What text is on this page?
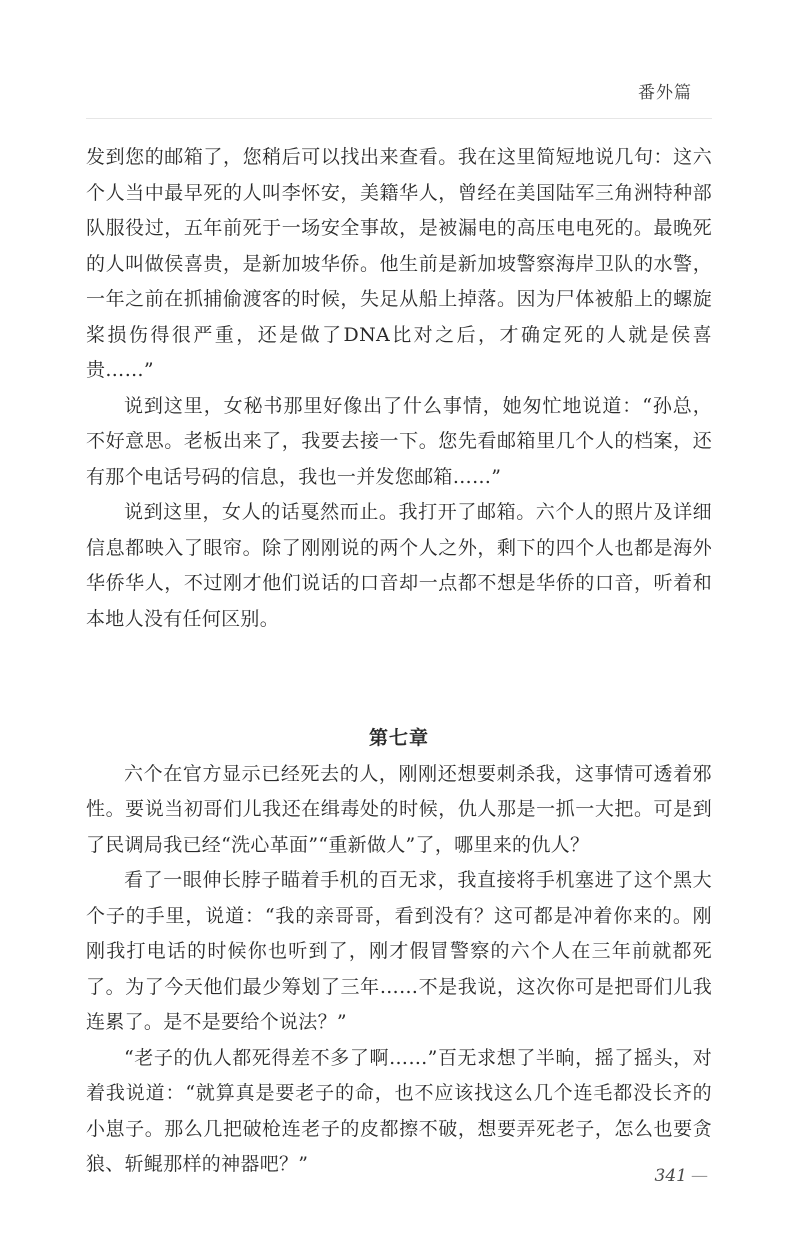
番外篇

发到您的邮箱了，您稍后可以找出来查看。我在这里简短地说几句：这六个人当中最早死的人叫李怀安，美籍华人，曾经在美国陆军三角洲特种部队服役过，五年前死于一场安全事故，是被漏电的高压电电死的。最晚死的人叫做侯喜贵，是新加坡华侨。他生前是新加坡警察海岸卫队的水警，一年之前在抓捕偷渡客的时候，失足从船上掉落。因为尸体被船上的螺旋桨损伤得很严重，还是做了DNA比对之后，才确定死的人就是侯喜贵……”

说到这里，女秘书那里好像出了什么事情，她匆忙地说道：“孙总，不好意思。老板出来了，我要去接一下。您先看邮箱里几个人的档案，还有那个电话号码的信息，我也一并发您邮箱……”

说到这里，女人的话戛然而止。我打开了邮箱。六个人的照片及详细信息都映入了眼帘。除了刚刚说的两个人之外，剩下的四个人也都是海外华侨华人，不过刚才他们说话的口音却一点都不想是华侨的口音，听着和本地人没有任何区别。

第七章

六个在官方显示已经死去的人，刚刚还想要刺杀我，这事情可透着邪性。要说当初哥们儿我还在缉毒处的时候，仇人那是一抓一大把。可是到了民调局我已经“洗心革面”“重新做人”了，哪里来的仇人？

看了一眼伸长脖子瞄着手机的百无求，我直接将手机塞进了这个黑大个子的手里，说道：“我的亲哥哥，看到没有？这可都是冲着你来的。刚刚我打电话的时候你也听到了，刚才假冒警察的六个人在三年前就都死了。为了今天他们最少筹划了三年……不是我说，这次你可是把哥们儿我连累了。是不是要给个说法？”

“老子的仇人都死得差不多了啊……”百无求想了半晌，摇了摇头，对着我说道：“就算真是要老子的命，也不应该找这么几个连毛都没长齐的小崽子。那么几把破枪连老子的皮都擦不破，想要弄死老子，怎么也要贪狼、斩鲲那样的神器吧？”

341 —
